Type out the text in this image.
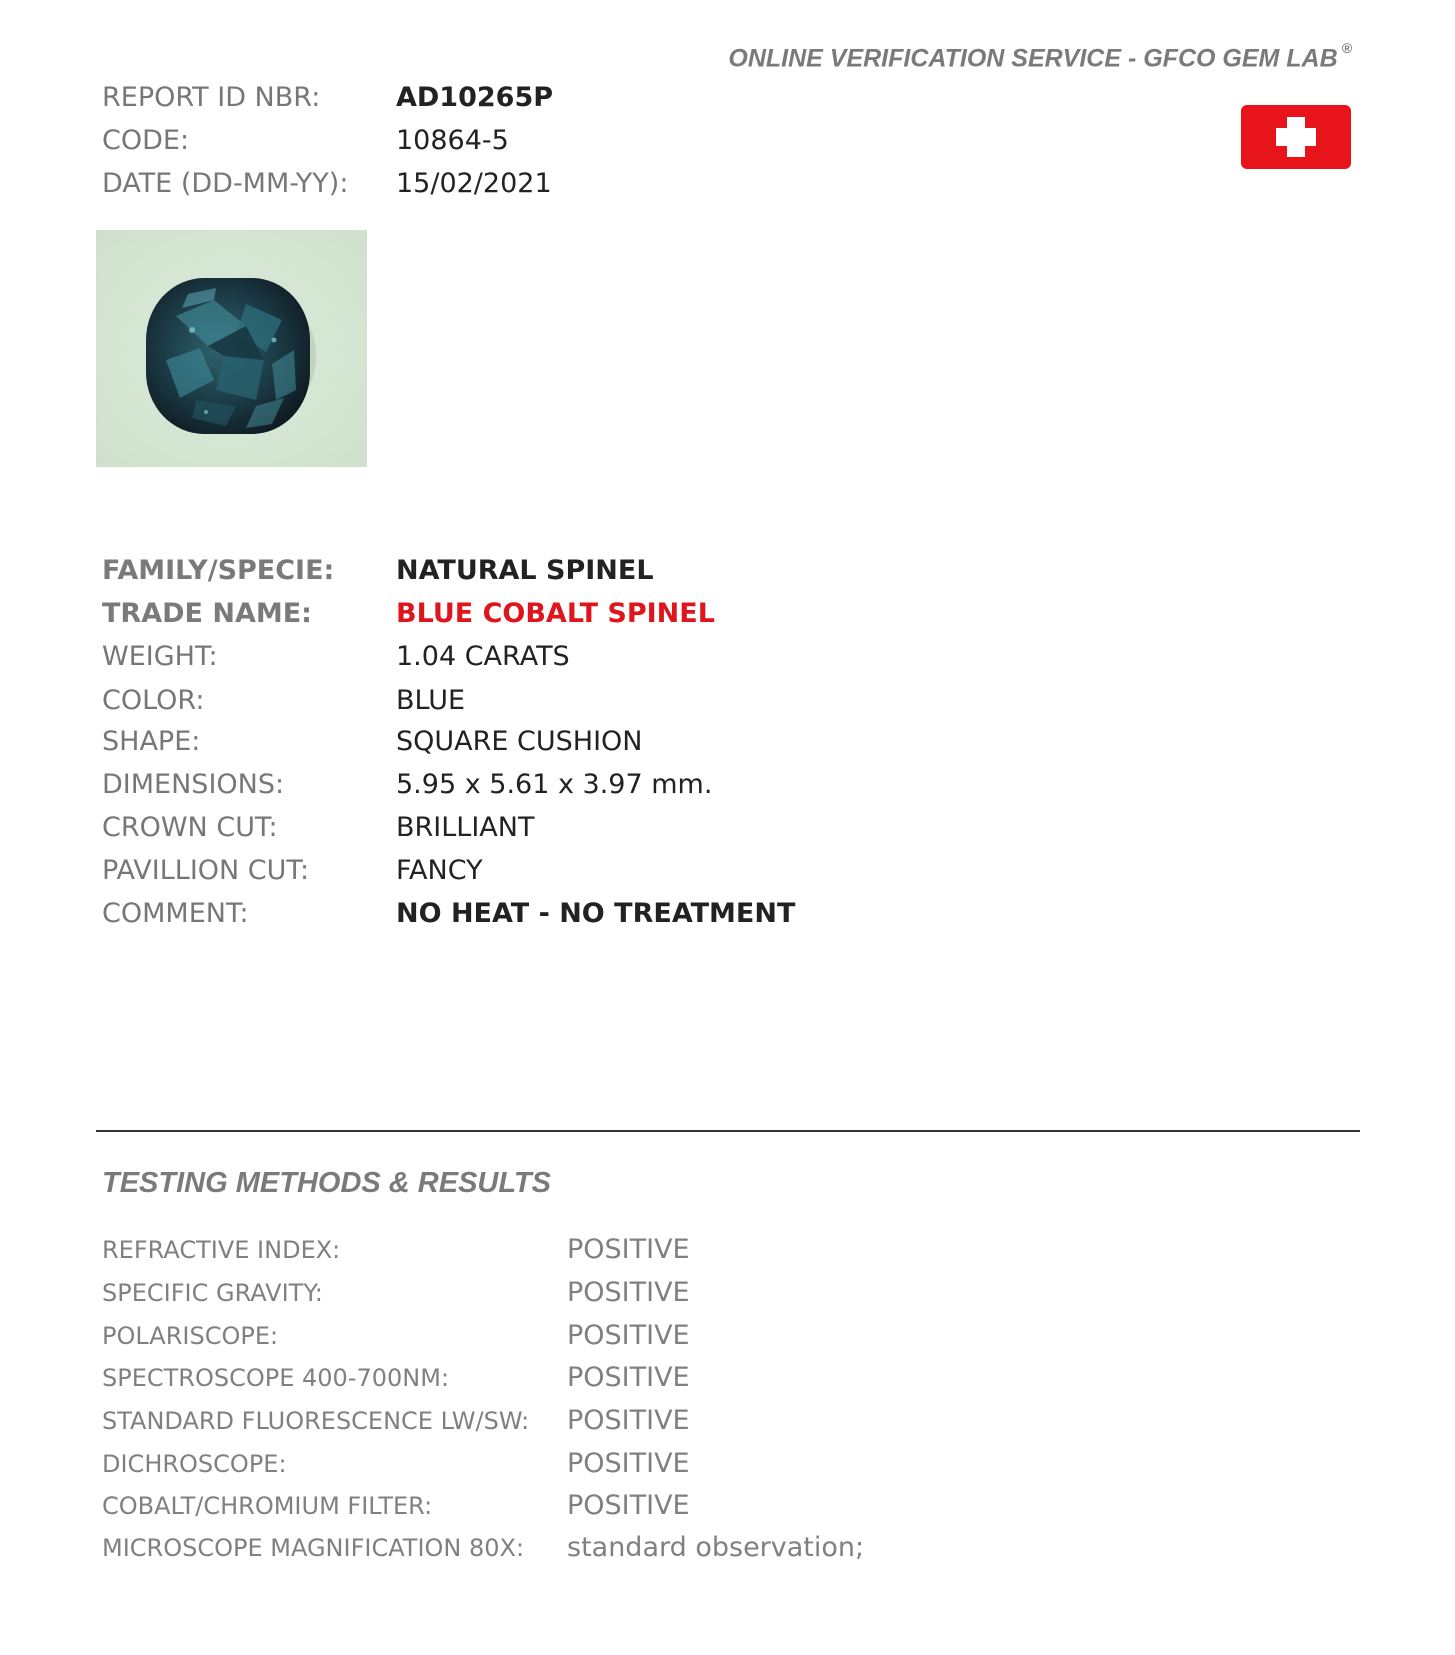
ONLINE VERIFICATION SERVICE - GFCO GEM LAB ®
REPORT ID NBR:	AD10265P
CODE:	10864-5
DATE (DD-MM-YY): 15/02/2021
FAMILY/SPECIE: NATURAL SPINEL
TRADE NAME:	BLUE COBALT SPINEL
WEIGHT:	1.04 CARATS
COLOR:	BLUE
SHAPE:	SQUARE CUSHION
DIMENSIONS:	5.95 x 5.61 x 3.97 mm.
CROWN CUT:	BRILLIANT
PAVILLION CUT:	FANCY
COMMENT:	NO HEAT - NO TREATMENT
TESTING METHODS & RESULTS
REFRACTIVE INDEX:	POSITIVE
SPECIFIC GRAVITY:	POSITIVE
POLARISCOPE:	POSITIVE
SPECTROSCOPE 400-700NM:	POSITIVE
STANDARD FLUORESCENCE LW/SW: POSITIVE
DICHROSCOPE:	POSITIVE
COBALT/CHROMIUM FILTER:	POSITIVE
MICROSCOPE MAGNIFICATION 80X: standard observation;
